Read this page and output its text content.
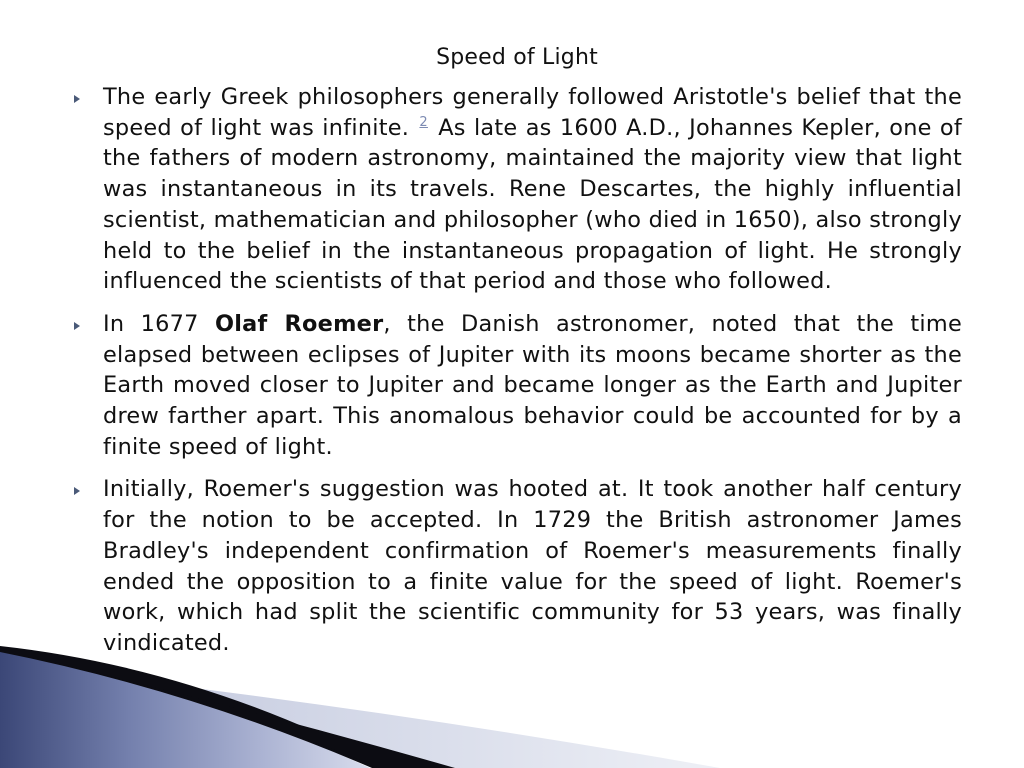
Speed of Light

The early Greek philosophers generally followed Aristotle's belief that the speed of light was infinite. $^2$ As late as 1600 A.D., Johannes Kepler, one of the fathers of modern astronomy, maintained the majority view that light was instantaneous in its travels. Rene Descartes, the highly influential scientist, mathematician and philosopher (who died in 1650), also strongly held to the belief in the instantaneous propagation of light. He strongly influenced the scientists of that period and those who followed.

In 1677 Olaf Roemer, the Danish astronomer, noted that the time elapsed between eclipses of Jupiter with its moons became shorter as the Earth moved closer to Jupiter and became longer as the Earth and Jupiter drew farther apart. This anomalous behavior could be accounted for by a finite speed of light.

Initially, Roemer's suggestion was hooted at. It took another half century for the notion to be accepted. In 1729 the British astronomer James Bradley's independent confirmation of Roemer's measurements finally ended the opposition to a finite value for the speed of light. Roemer's work, which had split the scientific community for 53 years, was finally vindicated.
